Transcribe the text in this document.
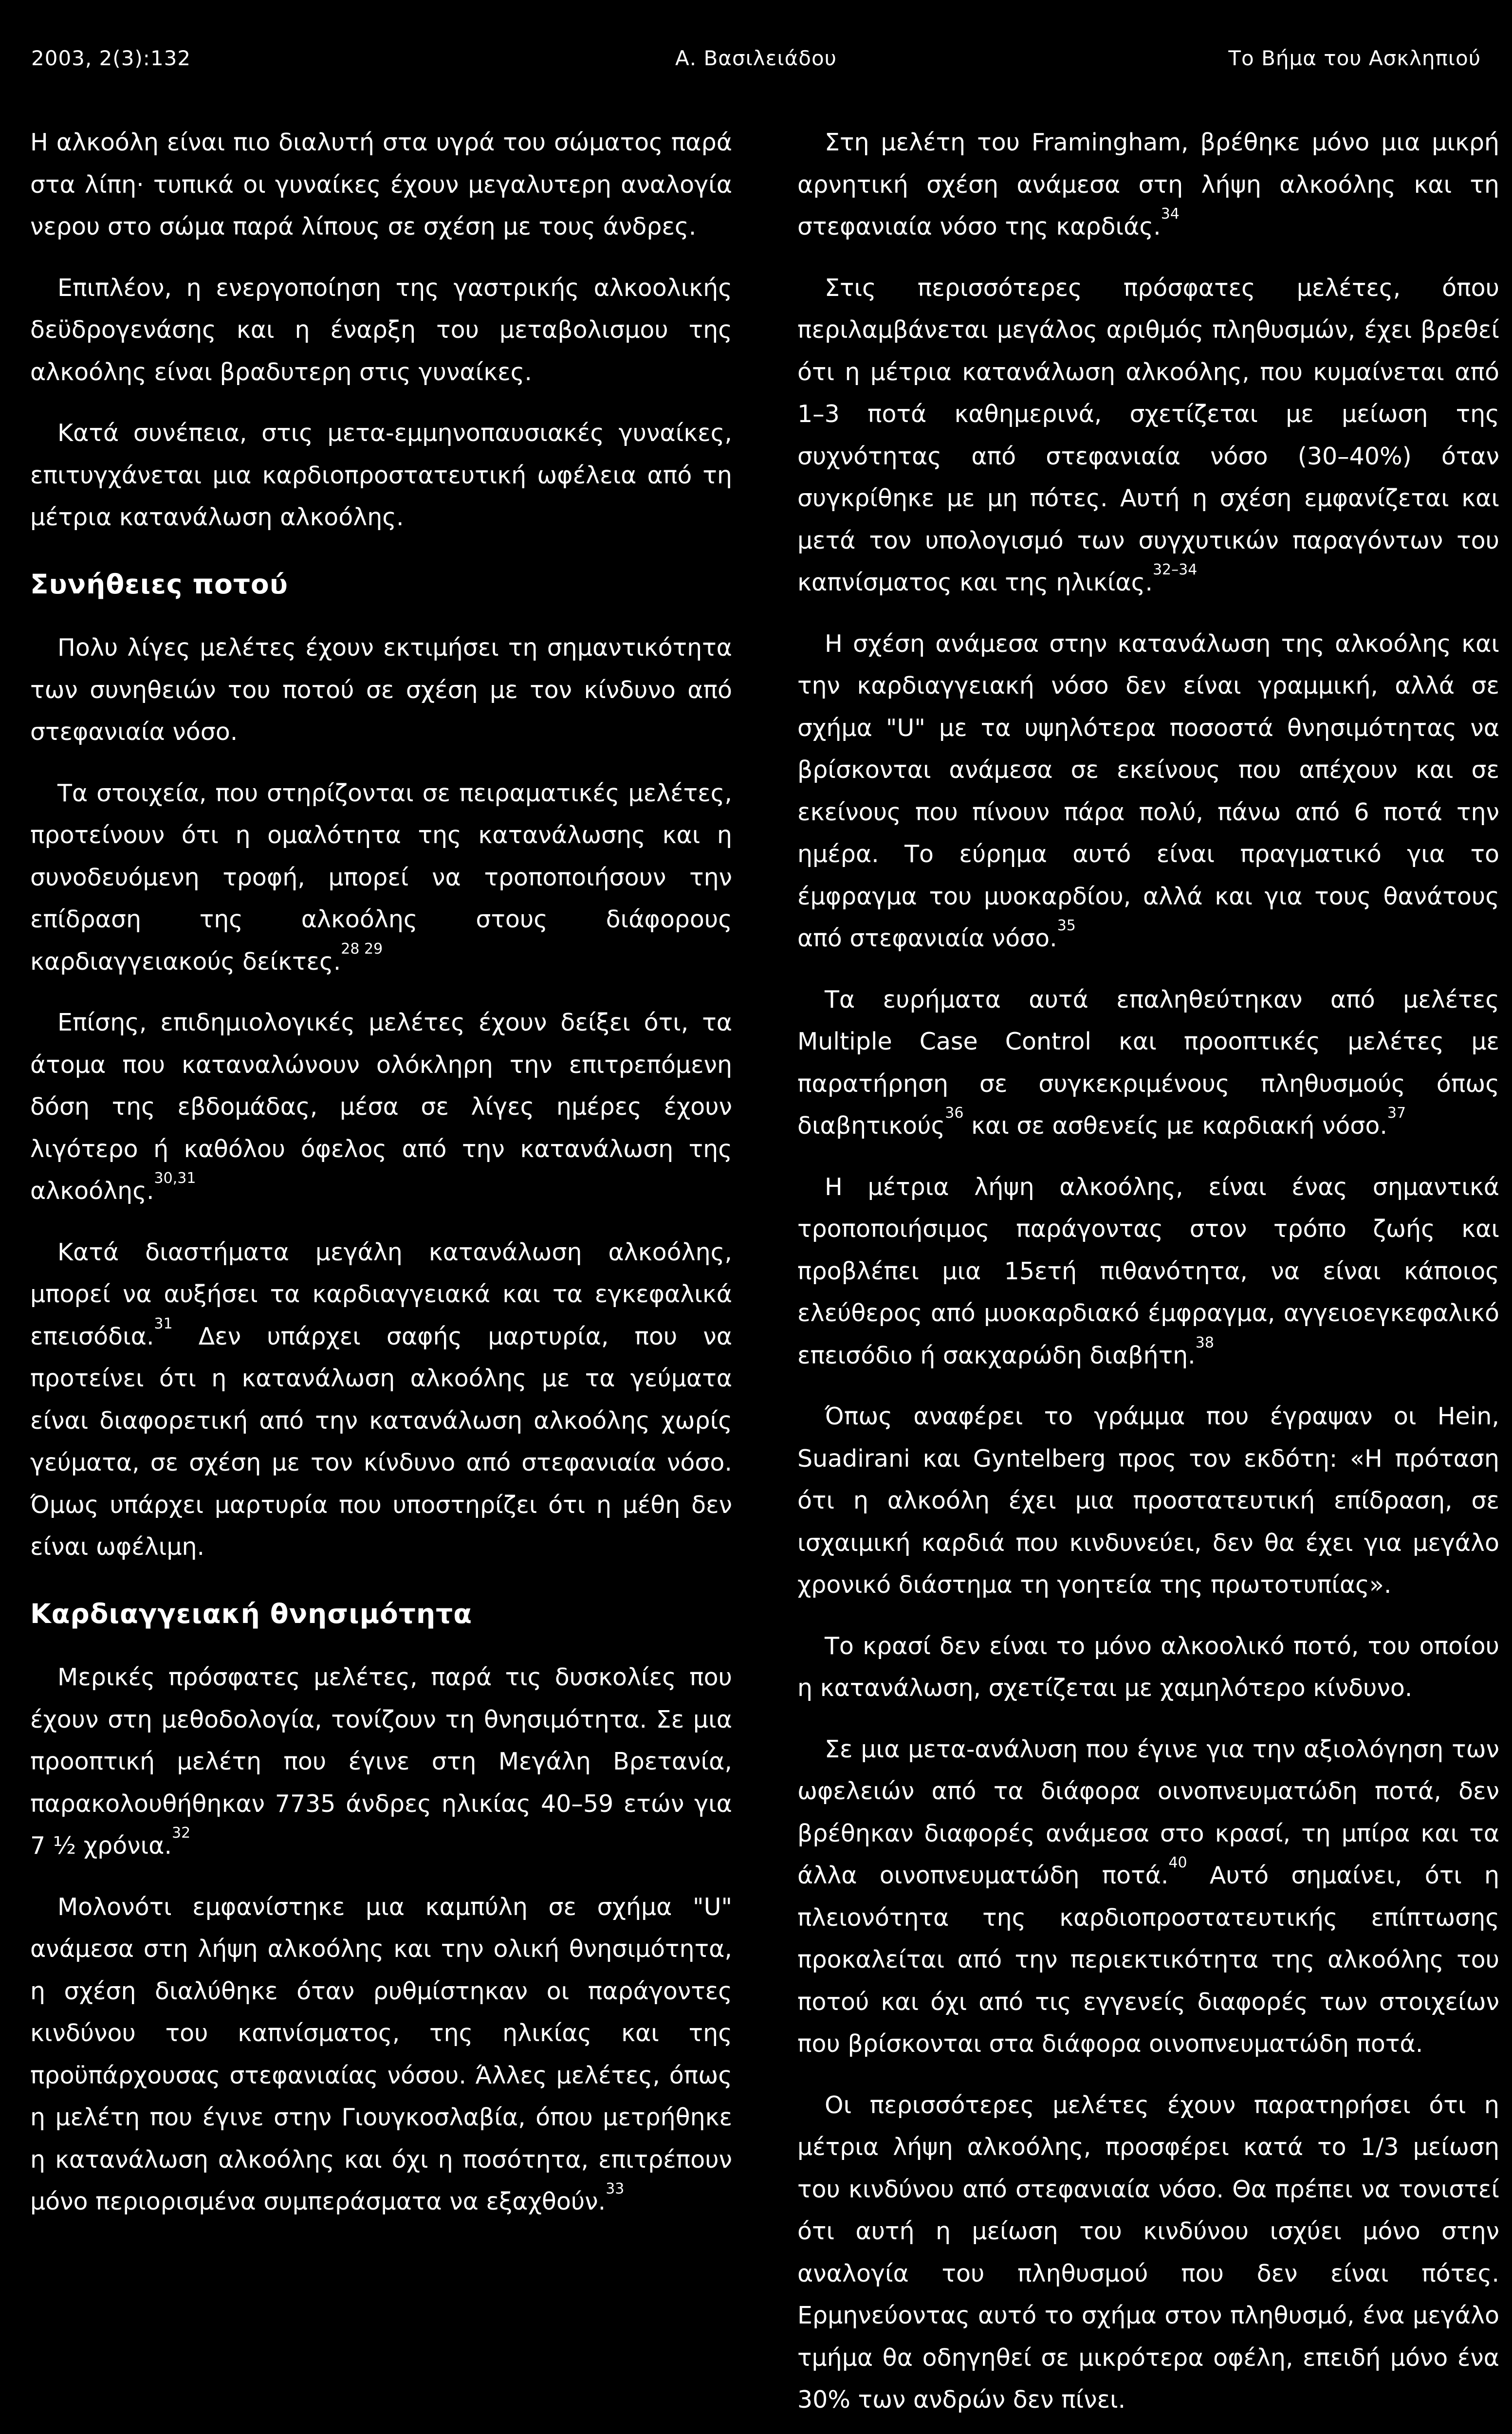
2003, 2(3):132	Α. Βασιλειάδου	Το Βήμα του Ασκληπιού

Η αλκοόλη είναι πιο διαλυτή στα υγρά του σώματος παρά στα λίπη· τυπικά οι γυναίκες έχουν μεγαλυτερη αναλογία νερου στο σώμα παρά λίπους σε σχέση με τους άνδρες.

Επιπλέον, η ενεργοποίηση της γαστρικής αλκοολικής δεϋδρογενάσης και η έναρξη του μεταβολισμου της αλκοόλης είναι βραδυτερη στις γυναίκες.

Κατά συνέπεια, στις μετα-εμμηνοπαυσιακές γυναίκες, επιτυγχάνεται μια καρδιοπροστατευτική ωφέλεια από τη μέτρια κατανάλωση αλκοόλης.

Συνήθειες ποτού

Πολυ λίγες μελέτες έχουν εκτιμήσει τη σημαντικότητα των συνηθειών του ποτού σε σχέση με τον κίνδυνο από στεφανιαία νόσο.

Τα στοιχεία, που στηρίζονται σε πειραματικές μελέτες, προτείνουν ότι η ομαλότητα της κατανάλωσης και η συνοδευόμενη τροφή, μπορεί να τροποποιήσουν την επίδραση της αλκοόλης στους διάφορους καρδιαγγειακούς δείκτες.$^{28 29}$

Επίσης, επιδημιολογικές μελέτες έχουν δείξει ότι, τα άτομα που καταναλώνουν ολόκληρη την επιτρεπόμενη δόση της εβδομάδας, μέσα σε λίγες ημέρες έχουν λιγότερο ή καθόλου όφελος από την κατανάλωση της αλκοόλης.$^{30,31}$

Κατά διαστήματα μεγάλη κατανάλωση αλκοόλης, μπορεί να αυξήσει τα καρδιαγγειακά και τα εγκεφαλικά επεισόδια.$^{31}$ Δεν υπάρχει σαφής μαρτυρία, που να προτείνει ότι η κατανάλωση αλκοόλης με τα γεύματα είναι διαφορετική από την κατανάλωση αλκοόλης χωρίς γεύματα, σε σχέση με τον κίνδυνο από στεφανιαία νόσο. Όμως υπάρχει μαρτυρία που υποστηρίζει ότι η μέθη δεν είναι ωφέλιμη.

Καρδιαγγειακή θνησιμότητα

Μερικές πρόσφατες μελέτες, παρά τις δυσκολίες που έχουν στη μεθοδολογία, τονίζουν τη θνησιμότητα. Σε μια προοπτική μελέτη που έγινε στη Μεγάλη Βρετανία, παρακολουθήθηκαν 7735 άνδρες ηλικίας 40–59 ετών για 7 ½ χρόνια.$^{32}$

Μολονότι εμφανίστηκε μια καμπύλη σε σχήμα "U" ανάμεσα στη λήψη αλκοόλης και την ολική θνησιμότητα, η σχέση διαλύθηκε όταν ρυθμίστηκαν οι παράγοντες κινδύνου του καπνίσματος, της ηλικίας και της προϋπάρχουσας στεφανιαίας νόσου. Άλλες μελέτες, όπως η μελέτη που έγινε στην Γιουγκοσλαβία, όπου μετρήθηκε η κατανάλωση αλκοόλης και όχι η ποσότητα, επιτρέπουν μόνο περιορισμένα συμπεράσματα να εξαχθούν.$^{33}$

Στη μελέτη του Framingham, βρέθηκε μόνο μια μικρή αρνητική σχέση ανάμεσα στη λήψη αλκοόλης και τη στεφανιαία νόσο της καρδιάς.$^{34}$

Στις περισσότερες πρόσφατες μελέτες, όπου περιλαμβάνεται μεγάλος αριθμός πληθυσμών, έχει βρεθεί ότι η μέτρια κατανάλωση αλκοόλης, που κυμαίνεται από 1–3 ποτά καθημερινά, σχετίζεται με μείωση της συχνότητας από στεφανιαία νόσο (30–40%) όταν συγκρίθηκε με μη πότες. Αυτή η σχέση εμφανίζεται και μετά τον υπολογισμό των συγχυτικών παραγόντων του καπνίσματος και της ηλικίας.$^{32-34}$

Η σχέση ανάμεσα στην κατανάλωση της αλκοόλης και την καρδιαγγειακή νόσο δεν είναι γραμμική, αλλά σε σχήμα "U" με τα υψηλότερα ποσοστά θνησιμότητας να βρίσκονται ανάμεσα σε εκείνους που απέχουν και σε εκείνους που πίνουν πάρα πολύ, πάνω από 6 ποτά την ημέρα. Το εύρημα αυτό είναι πραγματικό για το έμφραγμα του μυοκαρδίου, αλλά και για τους θανάτους από στεφανιαία νόσο.$^{35}$

Τα ευρήματα αυτά επαληθεύτηκαν από μελέτες Multiple Case Control και προοπτικές μελέτες με παρατήρηση σε συγκεκριμένους πληθυσμούς όπως διαβητικούς$^{36}$ και σε ασθενείς με καρδιακή νόσο.$^{37}$

Η μέτρια λήψη αλκοόλης, είναι ένας σημαντικά τροποποιήσιμος παράγοντας στον τρόπο ζωής και προβλέπει μια 15ετή πιθανότητα, να είναι κάποιος ελεύθερος από μυοκαρδιακό έμφραγμα, αγγειοεγκεφαλικό επεισόδιο ή σακχαρώδη διαβήτη.$^{38}$

Όπως αναφέρει το γράμμα που έγραψαν οι Hein, Suadirani και Gyntelberg προς τον εκδότη: «Η πρόταση ότι η αλκοόλη έχει μια προστατευτική επίδραση, σε ισχαιμική καρδιά που κινδυνεύει, δεν θα έχει για μεγάλο χρονικό διάστημα τη γοητεία της πρωτοτυπίας».

Το κρασί δεν είναι το μόνο αλκοολικό ποτό, του οποίου η κατανάλωση, σχετίζεται με χαμηλότερο κίνδυνο.

Σε μια μετα-ανάλυση που έγινε για την αξιολόγηση των ωφελειών από τα διάφορα οινοπνευματώδη ποτά, δεν βρέθηκαν διαφορές ανάμεσα στο κρασί, τη μπίρα και τα άλλα οινοπνευματώδη ποτά.$^{40}$ Αυτό σημαίνει, ότι η πλειονότητα της καρδιοπροστατευτικής επίπτωσης προκαλείται από την περιεκτικότητα της αλκοόλης του ποτού και όχι από τις εγγενείς διαφορές των στοιχείων που βρίσκονται στα διάφορα οινοπνευματώδη ποτά.

Οι περισσότερες μελέτες έχουν παρατηρήσει ότι η μέτρια λήψη αλκοόλης, προσφέρει κατά το 1/3 μείωση του κινδύνου από στεφανιαία νόσο. Θα πρέπει να τονιστεί ότι αυτή η μείωση του κινδύνου ισχύει μόνο στην αναλογία του πληθυσμού που δεν είναι πότες. Ερμηνεύοντας αυτό το σχήμα στον πληθυσμό, ένα μεγάλο τμήμα θα οδηγηθεί σε μικρότερα οφέλη, επειδή μόνο ένα 30% των ανδρών δεν πίνει.
